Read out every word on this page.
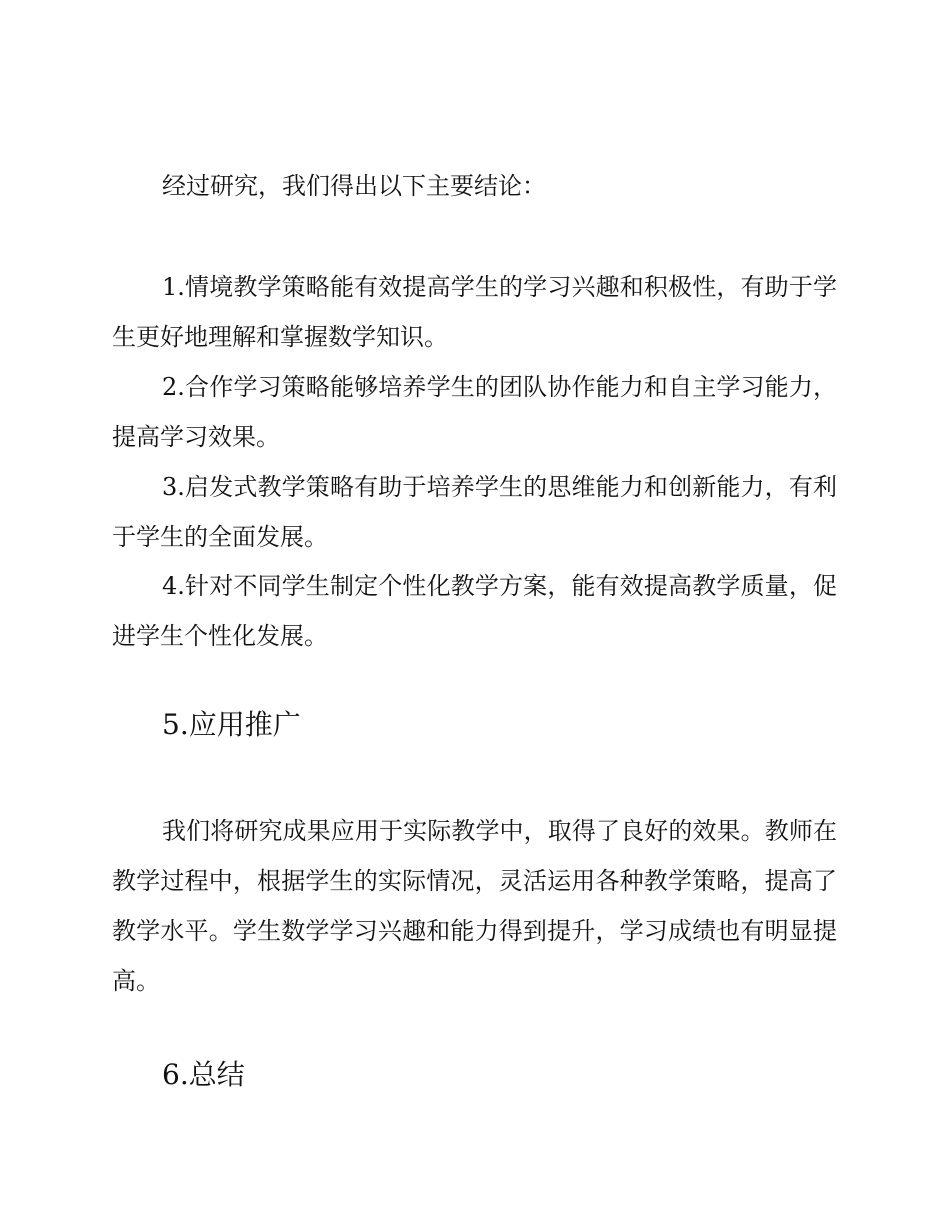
经过研究，我们得出以下主要结论：

1.情境教学策略能有效提高学生的学习兴趣和积极性，有助于学生更好地理解和掌握数学知识。

2.合作学习策略能够培养学生的团队协作能力和自主学习能力，提高学习效果。

3.启发式教学策略有助于培养学生的思维能力和创新能力，有利于学生的全面发展。

4.针对不同学生制定个性化教学方案，能有效提高教学质量，促进学生个性化发展。

5.应用推广

我们将研究成果应用于实际教学中，取得了良好的效果。教师在教学过程中，根据学生的实际情况，灵活运用各种教学策略，提高了教学水平。学生数学学习兴趣和能力得到提升，学习成绩也有明显提高。

6.总结
